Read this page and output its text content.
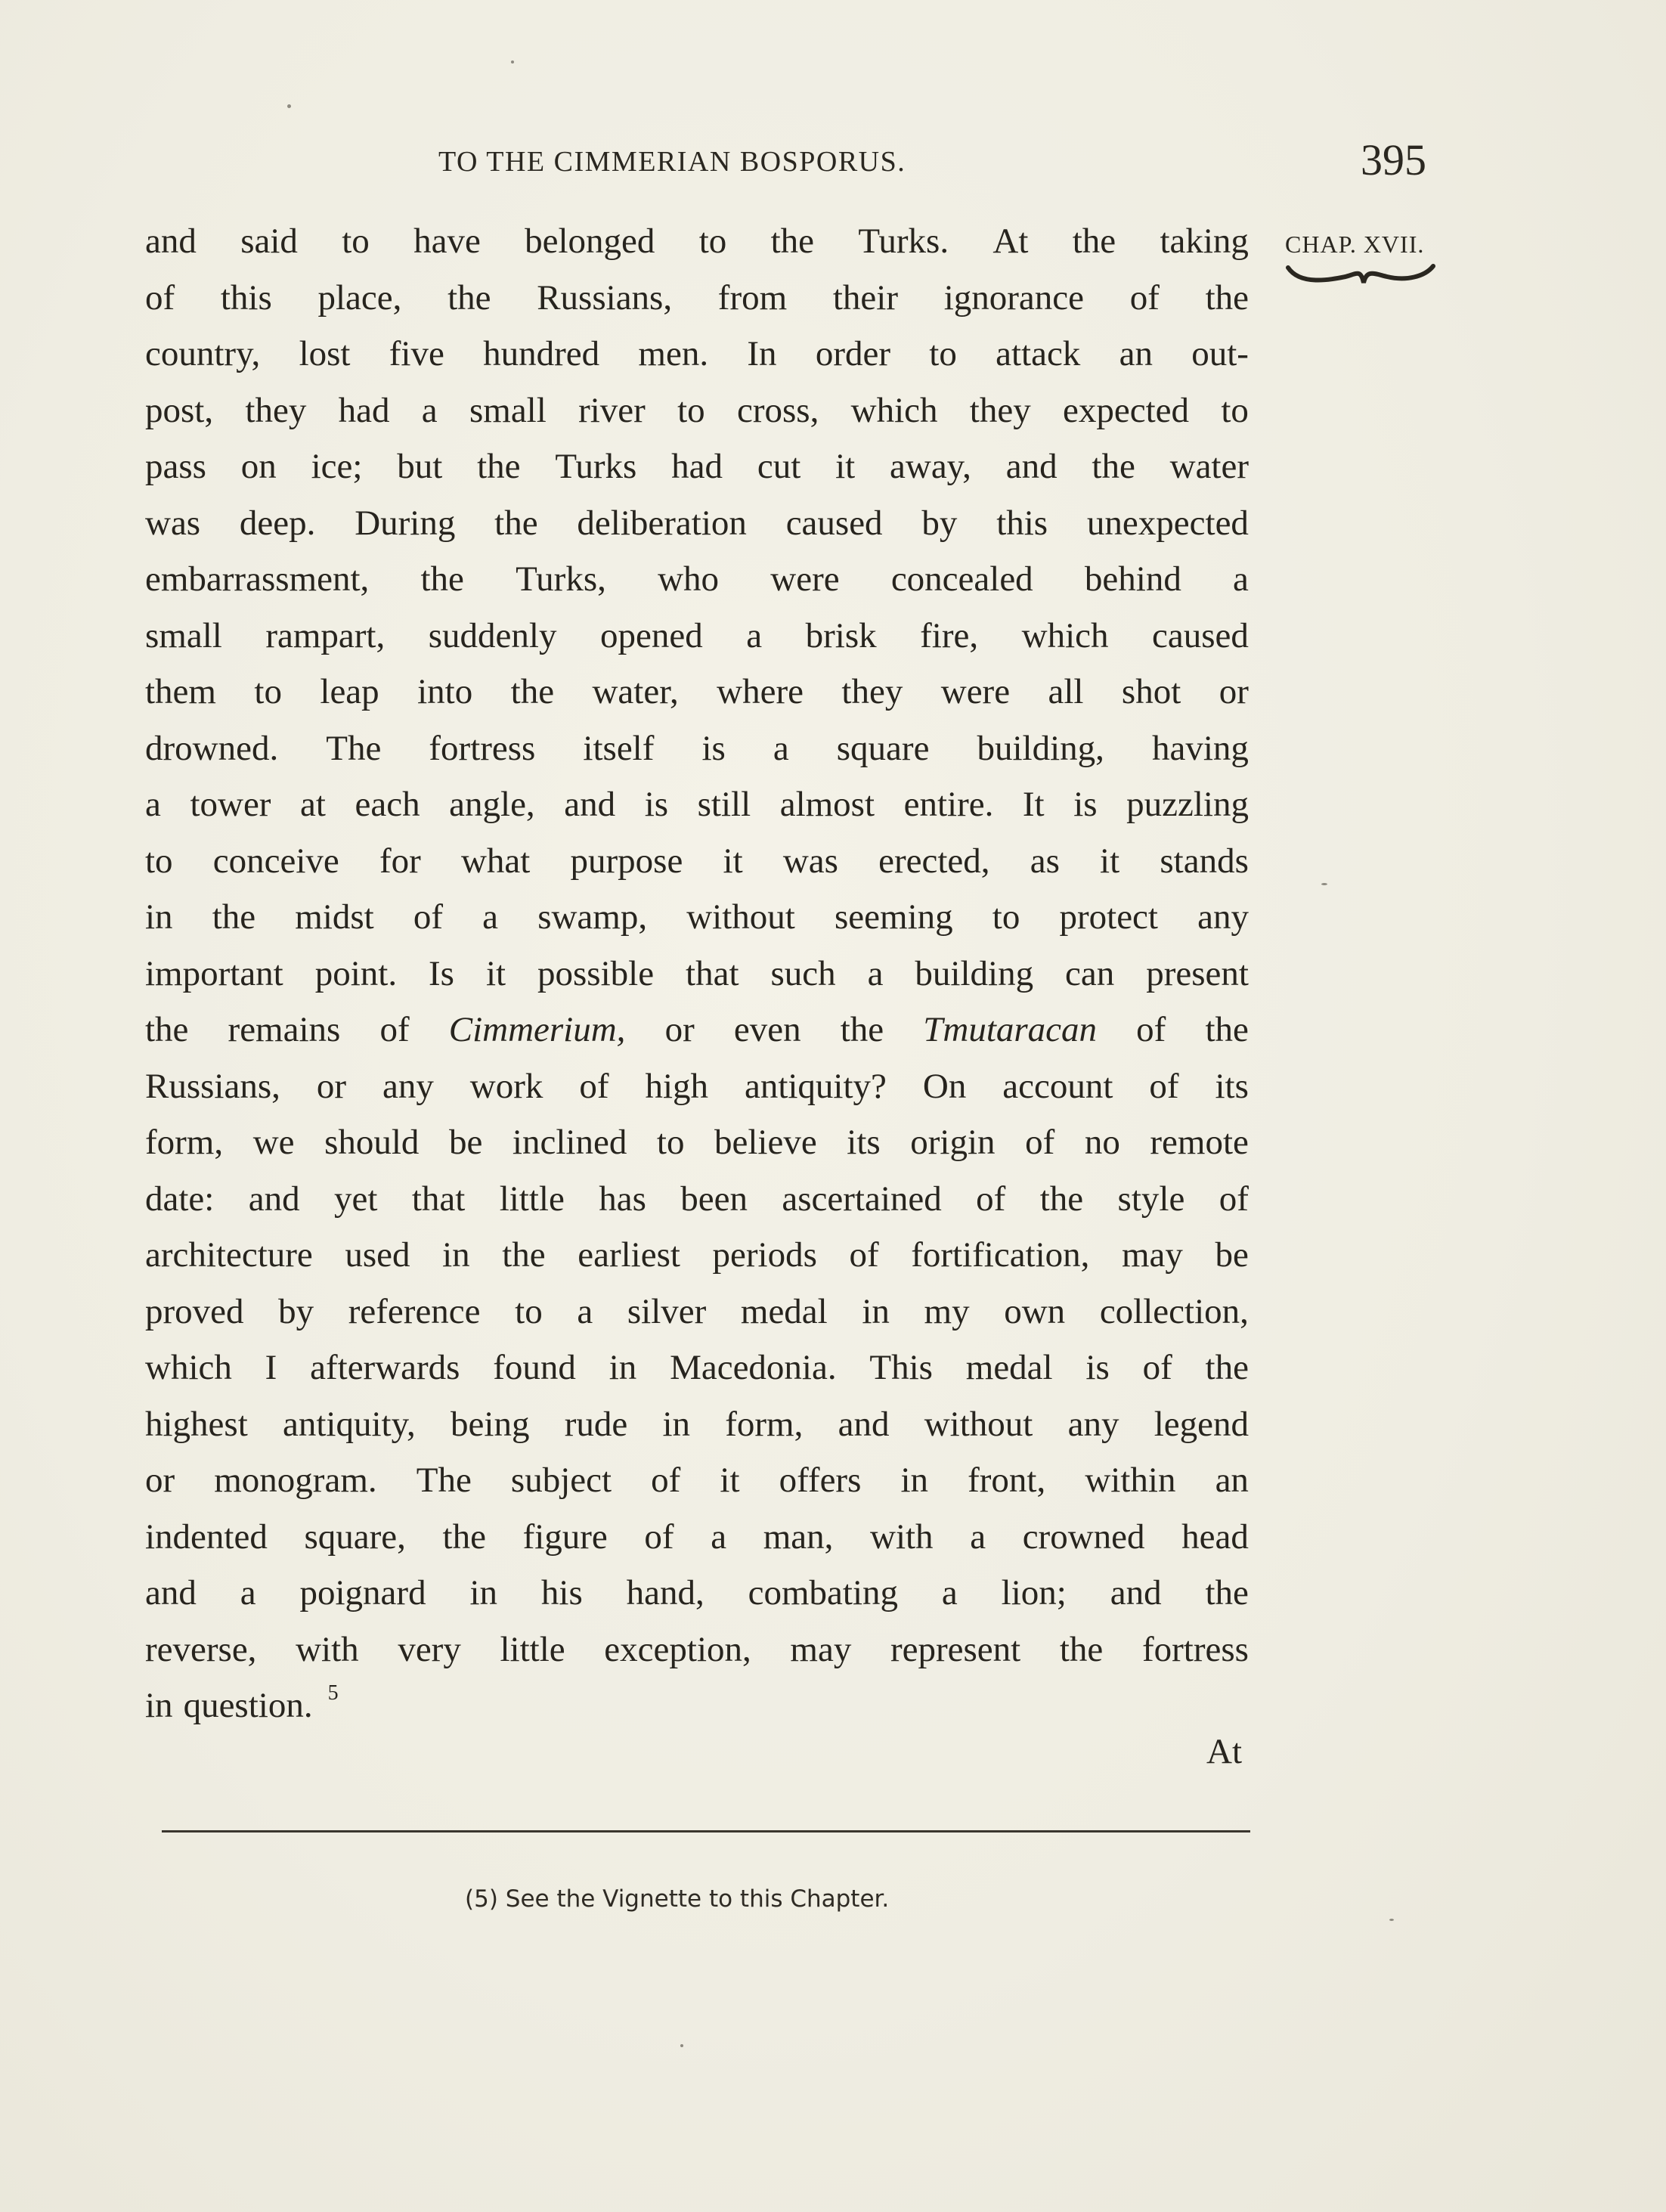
TO THE CIMMERIAN BOSPORUS.	395
CHAP. XVII.
and said to have belonged to the Turks. At the taking
of this place, the Russians, from their ignorance of the
country, lost five hundred men. In order to attack an out-
post, they had a small river to cross, which they expected to
pass on ice; but the Turks had cut it away, and the water
was deep. During the deliberation caused by this unexpected
embarrassment, the Turks, who were concealed behind a
small rampart, suddenly opened a brisk fire, which caused
them to leap into the water, where they were all shot or
drowned. The fortress itself is a square building, having
a tower at each angle, and is still almost entire. It is puzzling
to conceive for what purpose it was erected, as it stands
in the midst of a swamp, without seeming to protect any
important point. Is it possible that such a building can present
the remains of Cimmerium, or even the Tmutaracan of the
Russians, or any work of high antiquity? On account of its
form, we should be inclined to believe its origin of no remote
date: and yet that little has been ascertained of the style of
architecture used in the earliest periods of fortification, may be
proved by reference to a silver medal in my own collection,
which I afterwards found in Macedonia. This medal is of the
highest antiquity, being rude in form, and without any legend
or monogram. The subject of it offers in front, within an
indented square, the figure of a man, with a crowned head
and a poignard in his hand, combating a lion; and the
reverse, with very little exception, may represent the fortress
in question. 5
At
(5) See the Vignette to this Chapter.
